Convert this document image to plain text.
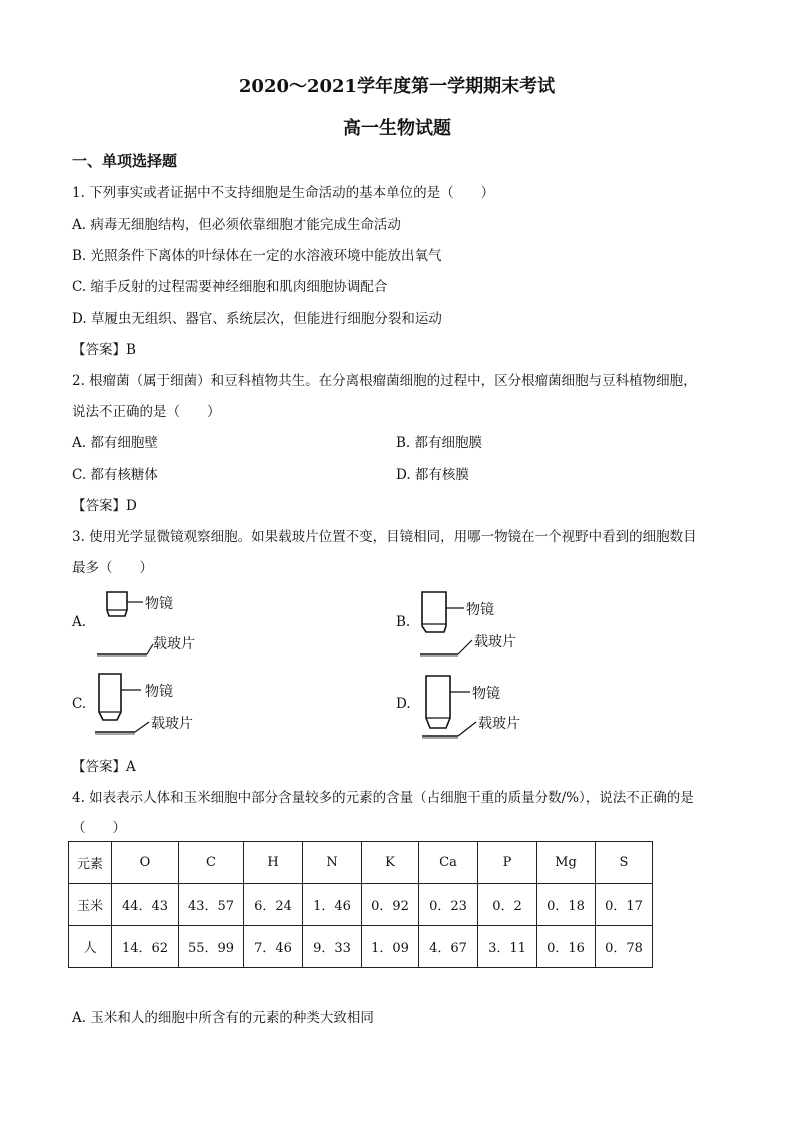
2020～2021学年度第一学期期末考试
高一生物试题
一、单项选择题
1. 下列事实或者证据中不支持细胞是生命活动的基本单位的是（　　）
A. 病毒无细胞结构，但必须依靠细胞才能完成生命活动
B. 光照条件下离体的叶绿体在一定的水溶液环境中能放出氧气
C. 缩手反射的过程需要神经细胞和肌肉细胞协调配合
D. 草履虫无组织、器官、系统层次，但能进行细胞分裂和运动
【答案】B
2. 根瘤菌（属于细菌）和豆科植物共生。在分离根瘤菌细胞的过程中，区分根瘤菌细胞与豆科植物细胞，
说法不正确的是（　　）
A. 都有细胞壁	B. 都有细胞膜
C. 都有核糖体	D. 都有核膜
【答案】D
3. 使用光学显微镜观察细胞。如果载玻片位置不变，目镜相同，用哪一物镜在一个视野中看到的细胞数目
最多（　　）
A.
物镜
载玻片
B.
物镜
载玻片
C.
物镜
载玻片
D.
物镜
载玻片
【答案】A
4. 如表表示人体和玉米细胞中部分含量较多的元素的含量（占细胞干重的质量分数/%），说法不正确的是
（　　）
元素	O	C	H	N	K	Ca	P	Mg	S
玉米	44．43	43．57	6．24	1．46	0．92	0．23	0．2	0．18	0．17
人	14．62	55．99	7．46	9．33	1．09	4．67	3．11	0．16	0．78
A. 玉米和人的细胞中所含有的元素的种类大致相同
